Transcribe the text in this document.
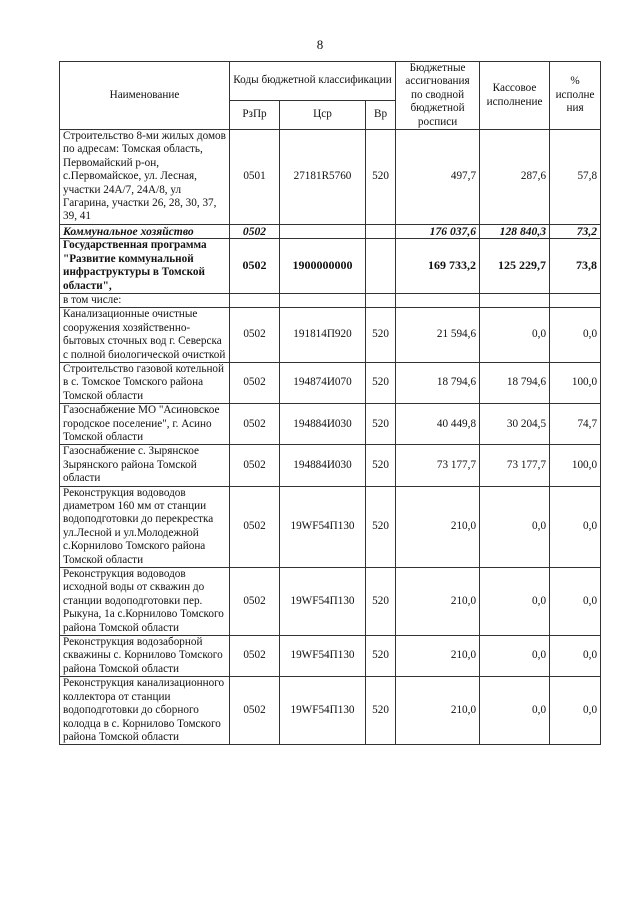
8
Наименование	Коды бюджетной классификации			Бюджетные ассигнования по сводной бюджетной росписи	Кассовое исполнение	% исполне ния
	РзПр	Цср	Вр			
Строительство 8-ми жилых домов по адресам: Томская область, Первомайский р-он, с.Первомайское, ул. Лесная, участки 24А/7, 24А/8, ул Гагарина, участки 26, 28, 30, 37, 39, 41	0501	27181R5760	520	497,7	287,6	57,8
Коммунальное хозяйство	0502			176 037,6	128 840,3	73,2
Государственная программа "Развитие коммунальной инфраструктуры в Томской области",	0502	1900000000		169 733,2	125 229,7	73,8
в том числе:						
Канализационные очистные сооружения хозяйственно-бытовых сточных вод г. Северска с полной биологической очисткой	0502	191814П920	520	21 594,6	0,0	0,0
Строительство газовой котельной в с. Томское Томского района Томской области	0502	194874И070	520	18 794,6	18 794,6	100,0
Газоснабжение МО "Асиновское городское поселение", г. Асино Томской области	0502	194884И030	520	40 449,8	30 204,5	74,7
Газоснабжение с. Зырянское Зырянского района Томской области	0502	194884И030	520	73 177,7	73 177,7	100,0
Реконструкция водоводов диаметром 160 мм от станции водоподготовки до перекрестка ул.Лесной и ул.Молодежной с.Корнилово Томского района Томской области	0502	19WF54П130	520	210,0	0,0	0,0
Реконструкция водоводов исходной воды от скважин до станции водоподготовки пер. Рыкуна, 1а с.Корнилово Томского района Томской области	0502	19WF54П130	520	210,0	0,0	0,0
Реконструкция водозаборной скважины с. Корнилово Томского района Томской области	0502	19WF54П130	520	210,0	0,0	0,0
Реконструкция канализационного коллектора от станции водоподготовки до сборного колодца в с. Корнилово Томского района Томской области	0502	19WF54П130	520	210,0	0,0	0,0
